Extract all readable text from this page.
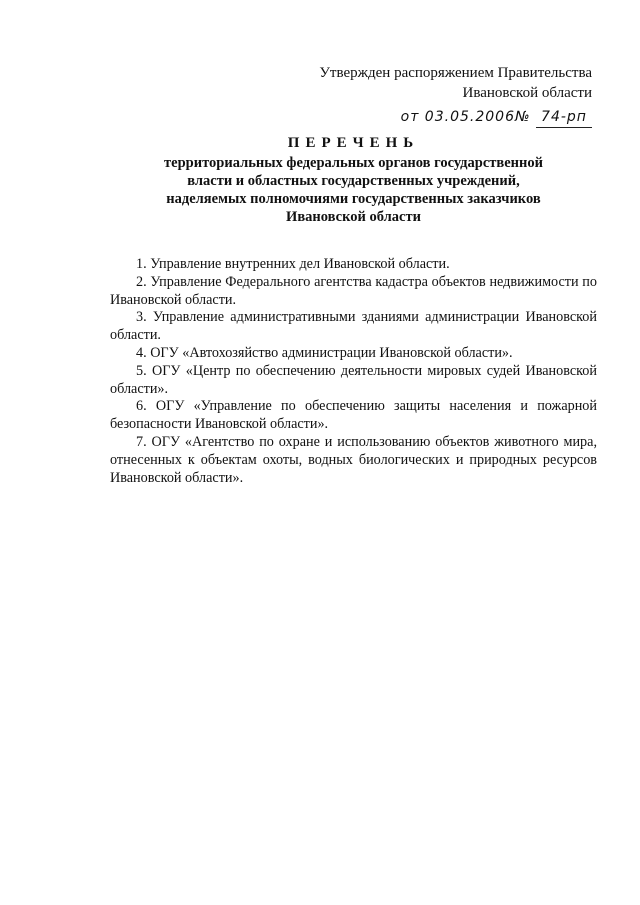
Утвержден распоряжением Правительства
Ивановской области
от 03.05.2006№ 74-рп
ПЕРЕЧЕНЬ
территориальных федеральных органов государственной
власти и областных государственных учреждений,
наделяемых полномочиями государственных заказчиков
Ивановской области

1. Управление внутренних дел Ивановской области.

2. Управление Федерального агентства кадастра объектов недвижимости по Ивановской области.

3. Управление административными зданиями администрации Ивановской области.

4. ОГУ «Автохозяйство администрации Ивановской области».

5. ОГУ «Центр по обеспечению деятельности мировых судей Ивановской области».

6. ОГУ «Управление по обеспечению защиты населения и пожарной безопасности Ивановской области».

7. ОГУ «Агентство по охране и использованию объектов животного мира, отнесенных к объектам охоты, водных биологических и природных ресурсов Ивановской области».
